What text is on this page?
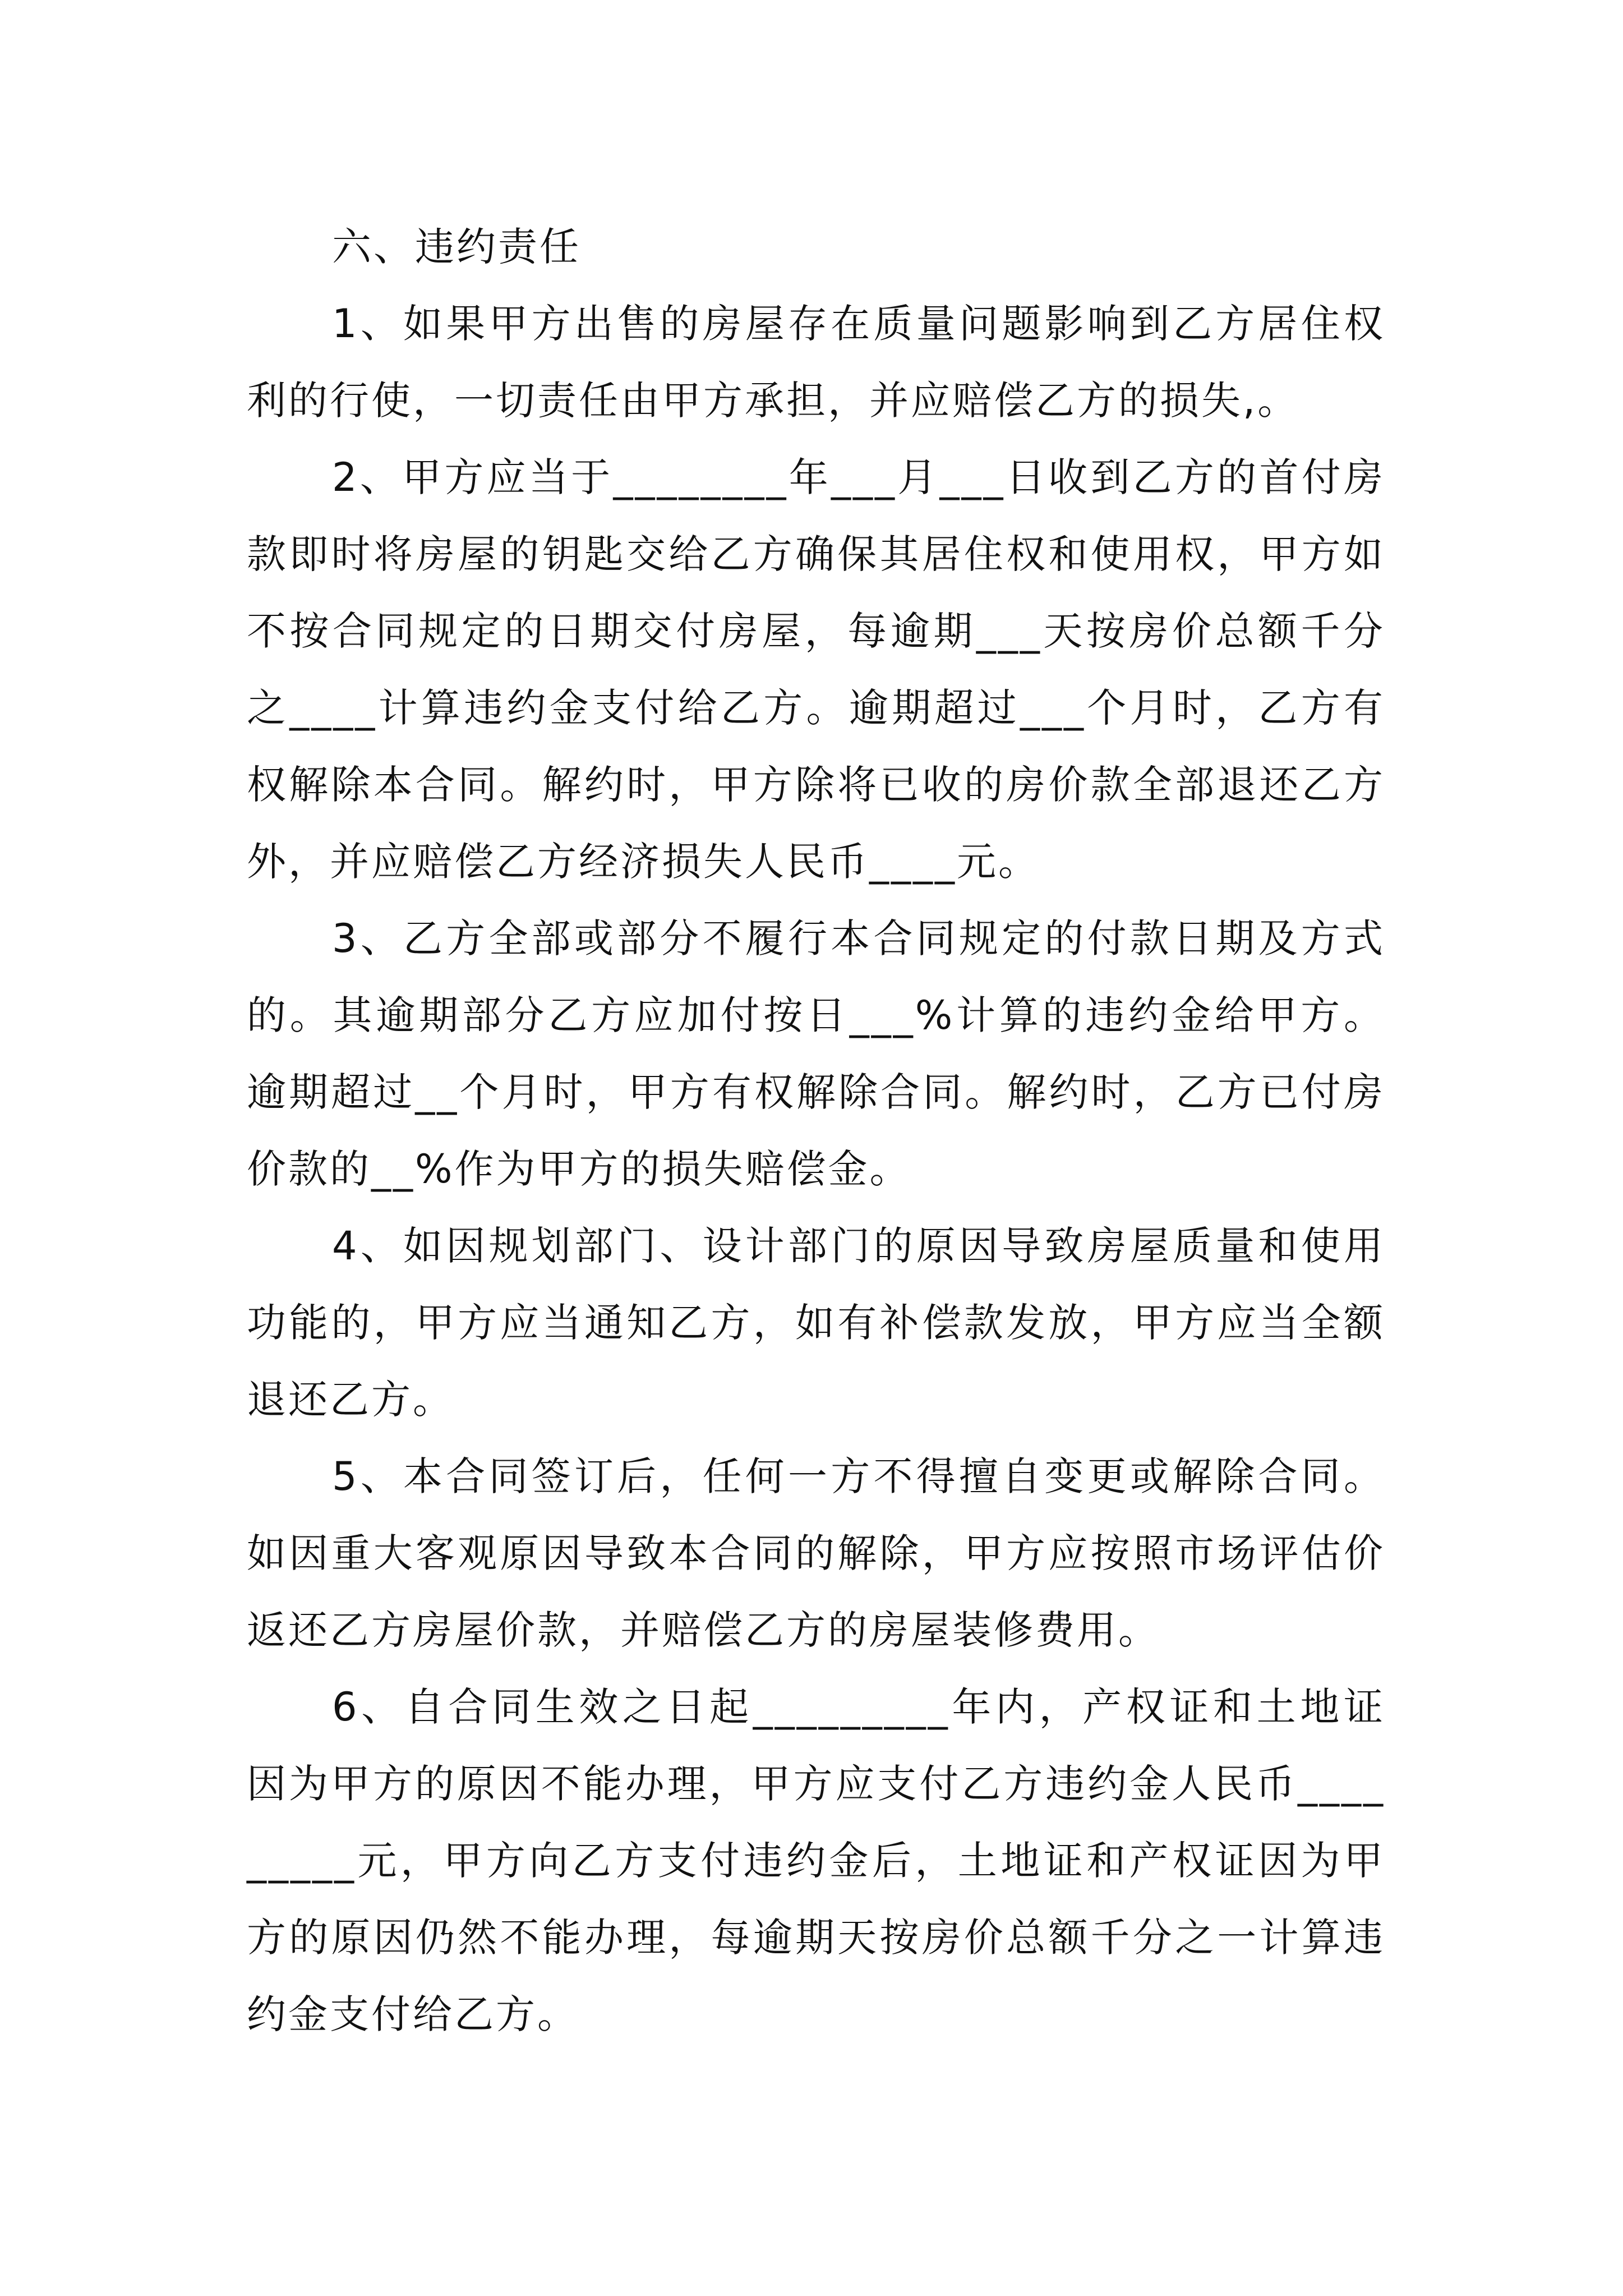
六、违约责任

1、如果甲方出售的房屋存在质量问题影响到乙方居住权利的行使，一切责任由甲方承担，并应赔偿乙方的损失,。

2、甲方应当于________年___月___日收到乙方的首付房款即时将房屋的钥匙交给乙方确保其居住权和使用权，甲方如不按合同规定的日期交付房屋，每逾期___天按房价总额千分之____计算违约金支付给乙方。逾期超过___个月时，乙方有权解除本合同。解约时，甲方除将已收的房价款全部退还乙方外，并应赔偿乙方经济损失人民币____元。

3、乙方全部或部分不履行本合同规定的付款日期及方式的。其逾期部分乙方应加付按日___%计算的违约金给甲方。逾期超过__个月时，甲方有权解除合同。解约时，乙方已付房价款的__%作为甲方的损失赔偿金。

4、如因规划部门、设计部门的原因导致房屋质量和使用功能的，甲方应当通知乙方，如有补偿款发放，甲方应当全额退还乙方。

5、本合同签订后，任何一方不得擅自变更或解除合同。如因重大客观原因导致本合同的解除，甲方应按照市场评估价返还乙方房屋价款，并赔偿乙方的房屋装修费用。

6、自合同生效之日起_________年内，产权证和土地证因为甲方的原因不能办理，甲方应支付乙方违约金人民币_________元，甲方向乙方支付违约金后，土地证和产权证因为甲方的原因仍然不能办理，每逾期天按房价总额千分之一计算违约金支付给乙方。
